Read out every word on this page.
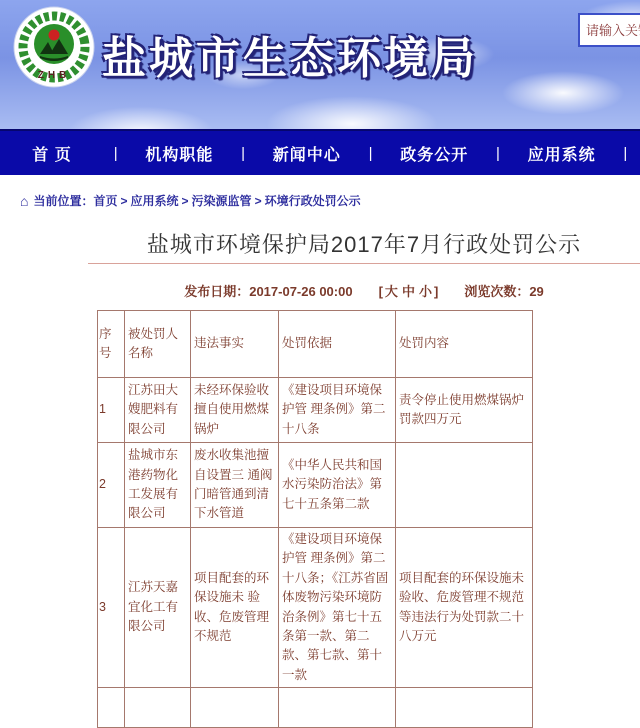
ZHB 盐城市生态环境局
请输入关键字
首 页	|	机构职能	|	新闻中心	|	政务公开	|	应用系统	|
⌂ 当前位置：首页 > 应用系统 > 污染源监管 > 环境行政处罚公示
盐城市环境保护局2017年7月行政处罚公示
发布日期：2017-07-26 00:00 [ 大 中 小 ] 浏览次数：29
序号	被处罚人名称	违法事实	处罚依据	处罚内容
1	江苏田大嫂肥料有限公司	未经环保验收擅自使用燃煤锅炉	《建设项目环境保护管 理条例》第二十八条	责令停止使用燃煤锅炉 罚款四万元
2	盐城市东港药物化工发展有限公司	废水收集池擅自设置三 通阀门暗管通到清下水管道	《中华人民共和国水污染防治法》第七十五条第二款	
3	江苏天嘉宜化工有限公司	项目配套的环保设施未 验收、危废管理不规范	《建设项目环境保护管 理条例》第二十八条；《江苏省固体废物污染环境防治条例》第七十五条第一款、第二款、第七款、第十一款	项目配套的环保设施未 验收、危废管理不规范等违法行为处罚款二十八万元
